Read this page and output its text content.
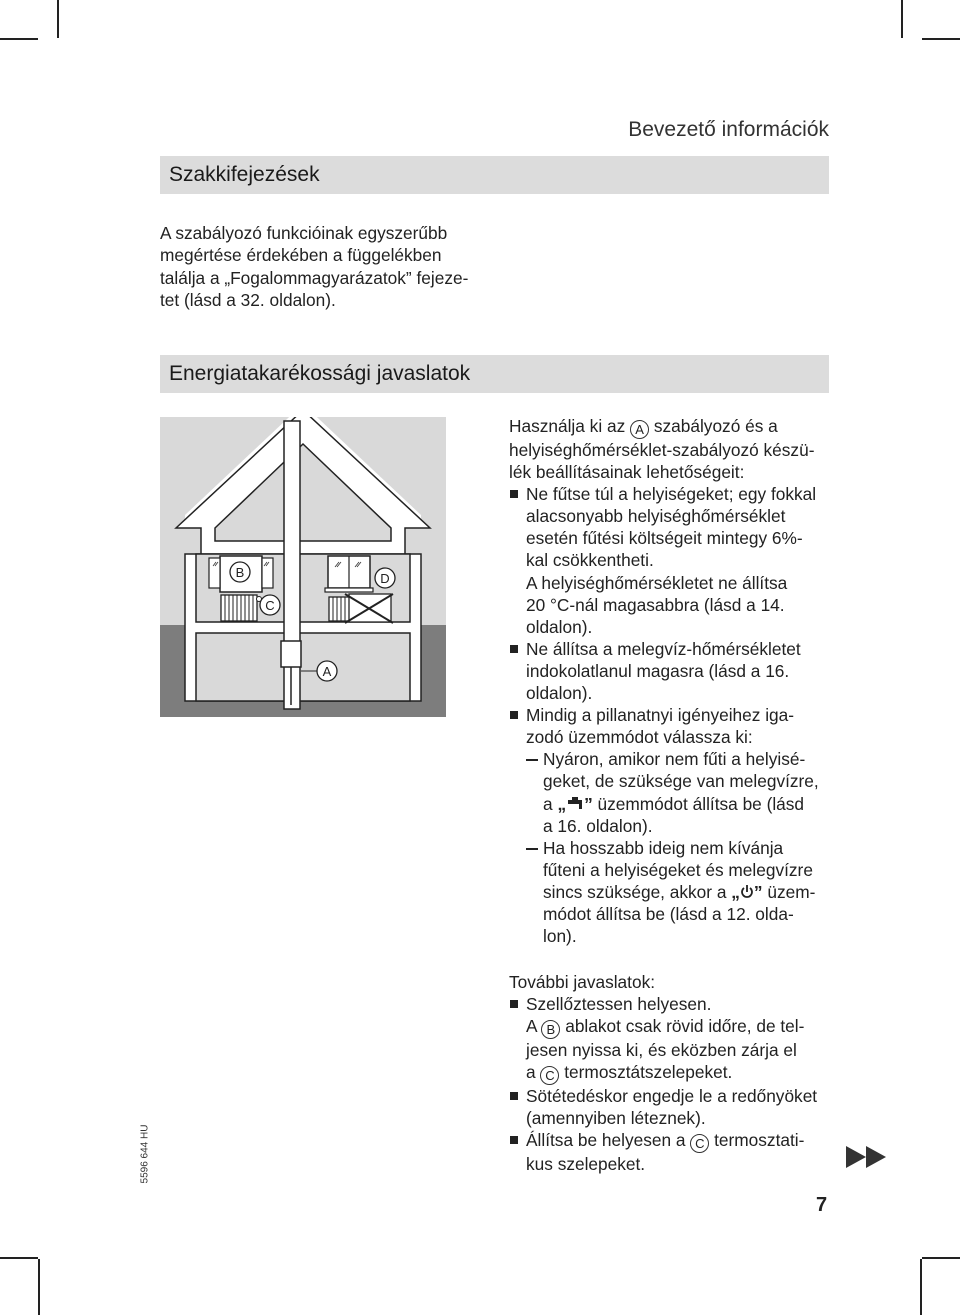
Bevezető információk
Szakkifejezések
A szabályozó funkcióinak egyszerűbb
megértése érdekében a függelékben
találja a „Fogalommagyarázatok” fejeze-
tet (lásd a 32. oldalon).
Energiatakarékossági javaslatok
B
C
D
A

Használja ki az A szabályozó és a

helyiséghőmérséklet-szabályozó készü-

lék beállításainak lehetőségeit:

Ne fűtse túl a helyiségeket; egy fokkal

alacsonyabb helyiséghőmérséklet

esetén fűtési költségeit mintegy 6%-

kal csökkentheti.

A helyiséghőmérsékletet ne állítsa

20 °C-nál magasabbra (lásd a 14.

oldalon).

Ne állítsa a melegvíz-hőmérsékletet

indokolatlanul magasra (lásd a 16.

oldalon).

Mindig a pillanatnyi igényeihez iga-

zodó üzemmódot válassza ki:

Nyáron, amikor nem fűti a helyisé-

geket, de szüksége van melegvízre,

a „ ” üzemmódot állítsa be (lásd

a 16. oldalon).

Ha hosszabb ideig nem kívánja

fűteni a helyiségeket és melegvízre

sincs szüksége, akkor a „ ” üzem-

módot állítsa be (lásd a 12. olda-

lon).

További javaslatok:

Szellőztessen helyesen.

A B ablakot csak rövid időre, de tel-

jesen nyissa ki, és eközben zárja el

a C termosztátszelepeket.

Sötétedéskor engedje le a redőnyöket

(amennyiben léteznek).

Állítsa be helyesen a C termosztati-

kus szelepeket.

5596 644 HU
7
